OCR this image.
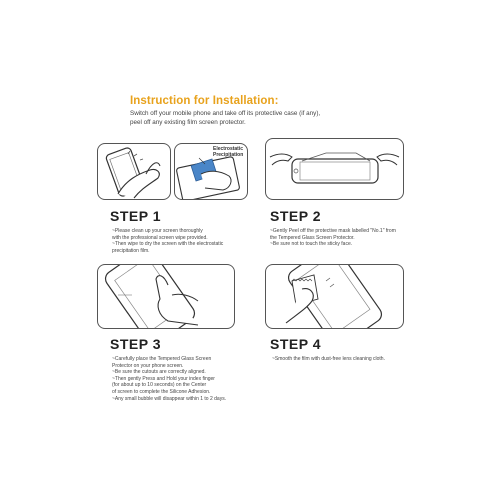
Instruction for Installation:
Switch off your mobile phone and take off its protective case (if any),
peel off any existing film screen protector.
Electrostatic
Precipitation
STEP 1
~Please clean up your screen thoroughly
with the professional screen wipe provided.
~Then wipe to dry the screen with the electrostatic
precipitation film.
STEP 2
~Gently Peel off the protective mask labelled "No.1" from
the Tempered Glass Screen Protector.
~Be sure not to touch the sticky face.
STEP 3
~Carefully place the Tempered Glass Screen
Protector on your phone screen.
~Be sure the cutouts are correctly aligned.
~Then gently Press and Hold your index finger
(for about up to 10 seconds) on the Center
of screen to complete the Silicone Adhesion.
~Any small bubble will disappear within 1 to 2 days.
STEP 4
~Smooth the film with dust-free lens cleaning cloth.
